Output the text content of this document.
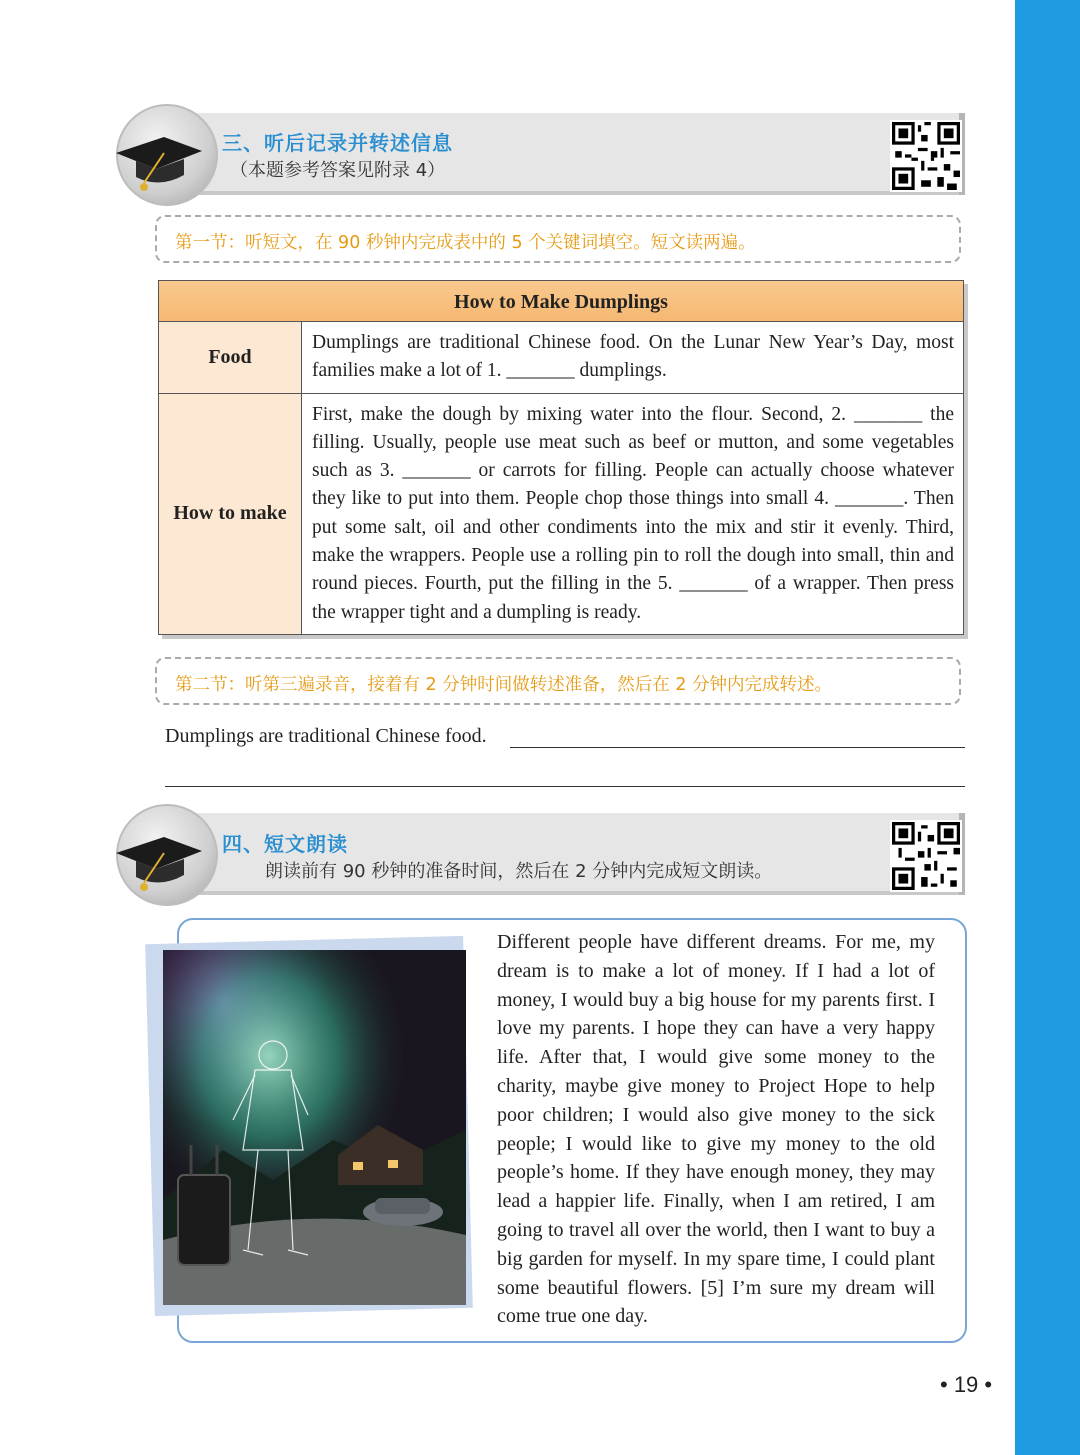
三、听后记录并转述信息
（本题参考答案见附录 4）
第一节：听短文，在 90 秒钟内完成表中的 5 个关键词填空。短文读两遍。
How to Make Dumplings
Food
Dumplings are traditional Chinese food. On the Lunar New Year’s Day, most families make a lot of 1. _______ dumplings.
How to make
First, make the dough by mixing water into the flour. Second, 2. _______ the filling. Usually, people use meat such as beef or mutton, and some vegetables such as 3. _______ or carrots for filling. People can actually choose whatever they like to put into them. People chop those things into small 4. _______. Then put some salt, oil and other condiments into the mix and stir it evenly. Third, make the wrappers. People use a rolling pin to roll the dough into small, thin and round pieces. Fourth, put the filling in the 5. _______ of a wrapper. Then press the wrapper tight and a dumpling is ready.
第二节：听第三遍录音，接着有 2 分钟时间做转述准备，然后在 2 分钟内完成转述。
Dumplings are traditional Chinese food.
四、短文朗读
朗读前有 90 秒钟的准备时间，然后在 2 分钟内完成短文朗读。
Different people have different dreams. For me, my dream is to make a lot of money. If I had a lot of money, I would buy a big house for my parents first. I love my parents. I hope they can have a very happy life. After that, I would give some money to the charity, maybe give money to Project Hope to help poor children; I would also give money to the sick people; I would like to give my money to the old people’s home. If they have enough money, they may lead a happier life. Finally, when I am retired, I am going to travel all over the world, then I want to buy a big garden for myself. In my spare time, I could plant some beautiful flowers. [5] I’m sure my dream will come true one day.
• 19 •
